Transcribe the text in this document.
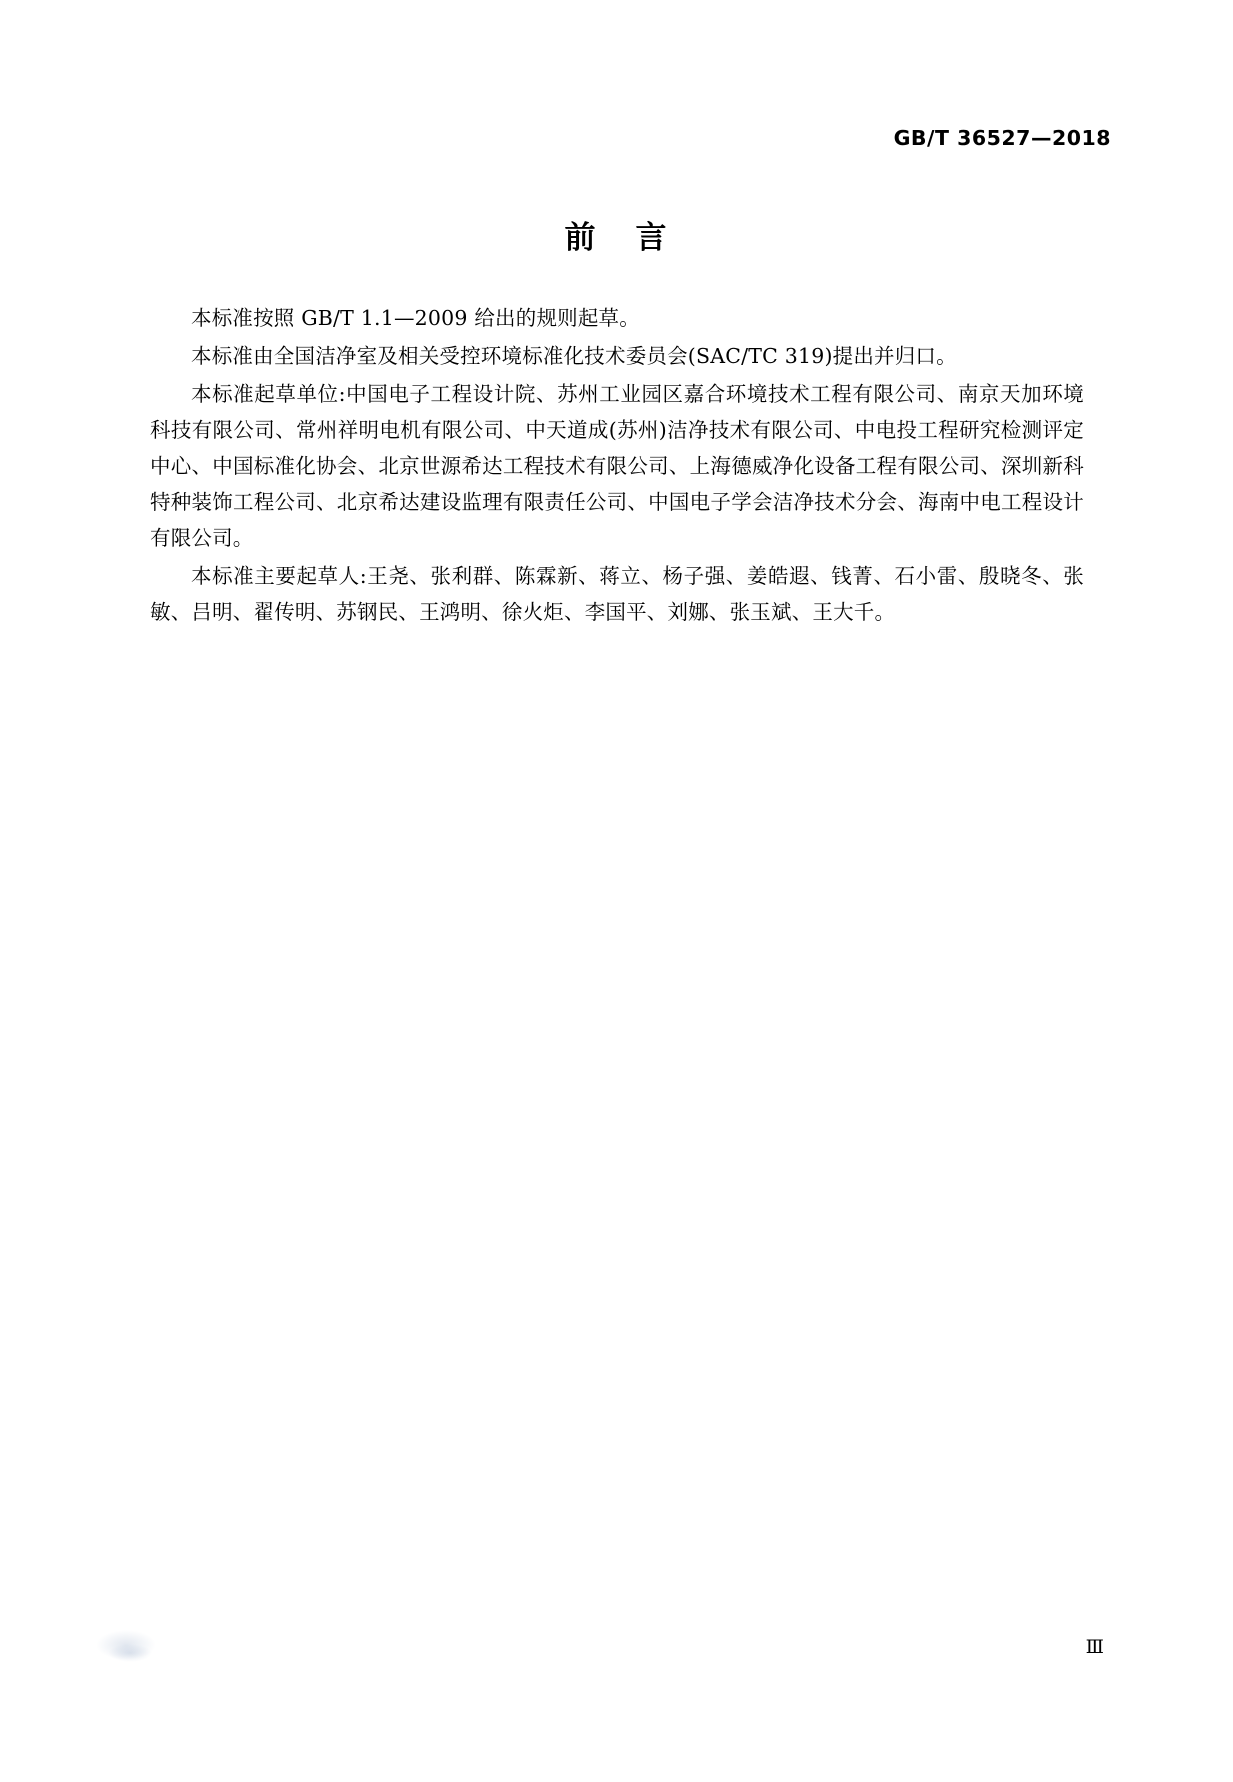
GB/T 36527—2018
前 言

本标准按照 GB/T 1.1—2009 给出的规则起草。

本标准由全国洁净室及相关受控环境标准化技术委员会(SAC/TC 319)提出并归口。

本标准起草单位:中国电子工程设计院、苏州工业园区嘉合环境技术工程有限公司、南京天加环境科技有限公司、常州祥明电机有限公司、中天道成(苏州)洁净技术有限公司、中电投工程研究检测评定中心、中国标准化协会、北京世源希达工程技术有限公司、上海德威净化设备工程有限公司、深圳新科特种装饰工程公司、北京希达建设监理有限责任公司、中国电子学会洁净技术分会、海南中电工程设计有限公司。

本标准主要起草人:王尧、张利群、陈霖新、蒋立、杨子强、姜皓遐、钱菁、石小雷、殷晓冬、张敏、吕明、翟传明、苏钢民、王鸿明、徐火炬、李国平、刘娜、张玉斌、王大千。

Ⅲ
